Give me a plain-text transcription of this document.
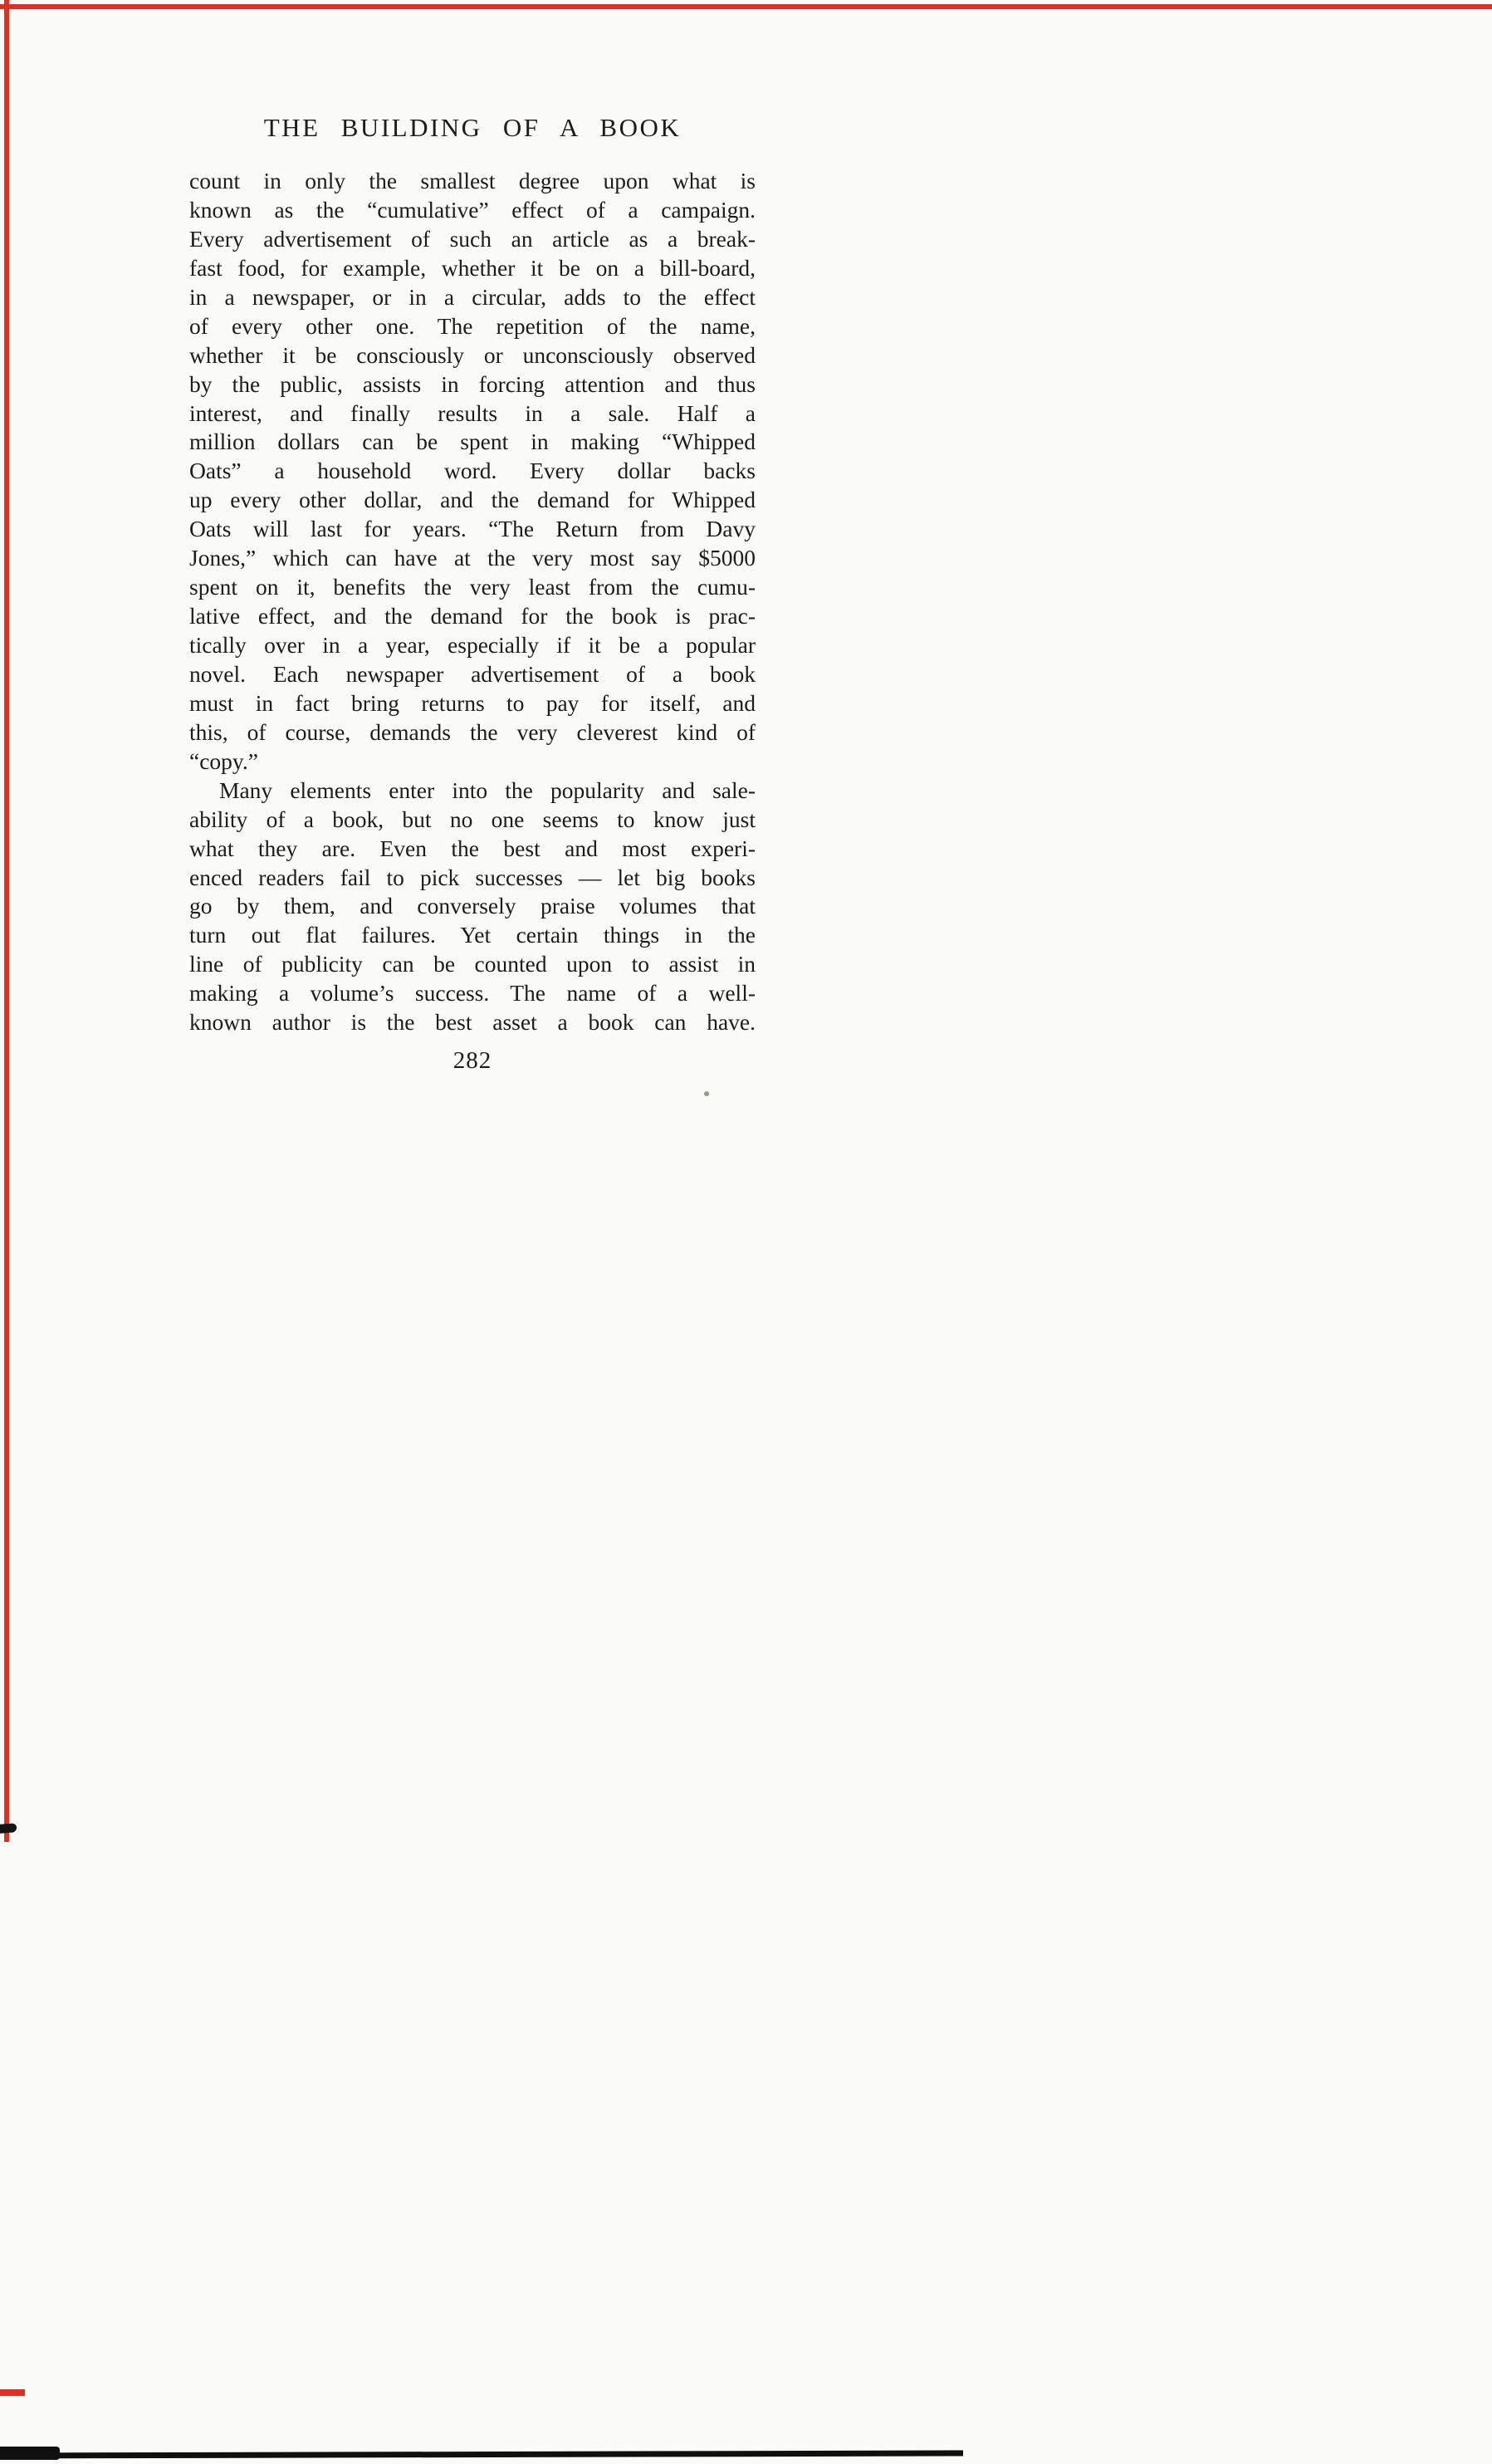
THE BUILDING OF A BOOK
count in only the smallest degree upon what is
known as the “cumulative” effect of a campaign.
Every advertisement of such an article as a break-
fast food, for example, whether it be on a bill-board,
in a newspaper, or in a circular, adds to the effect
of every other one. The repetition of the name,
whether it be consciously or unconsciously observed
by the public, assists in forcing attention and thus
interest, and finally results in a sale. Half a
million dollars can be spent in making “Whipped
Oats” a household word. Every dollar backs
up every other dollar, and the demand for Whipped
Oats will last for years. “The Return from Davy
Jones,” which can have at the very most say $5000
spent on it, benefits the very least from the cumu-
lative effect, and the demand for the book is prac-
tically over in a year, especially if it be a popular
novel. Each newspaper advertisement of a book
must in fact bring returns to pay for itself, and
this, of course, demands the very cleverest kind of
“copy.”
Many elements enter into the popularity and sale-
ability of a book, but no one seems to know just
what they are. Even the best and most experi-
enced readers fail to pick successes — let big books
go by them, and conversely praise volumes that
turn out flat failures. Yet certain things in the
line of publicity can be counted upon to assist in
making a volume’s success. The name of a well-
known author is the best asset a book can have.
282
